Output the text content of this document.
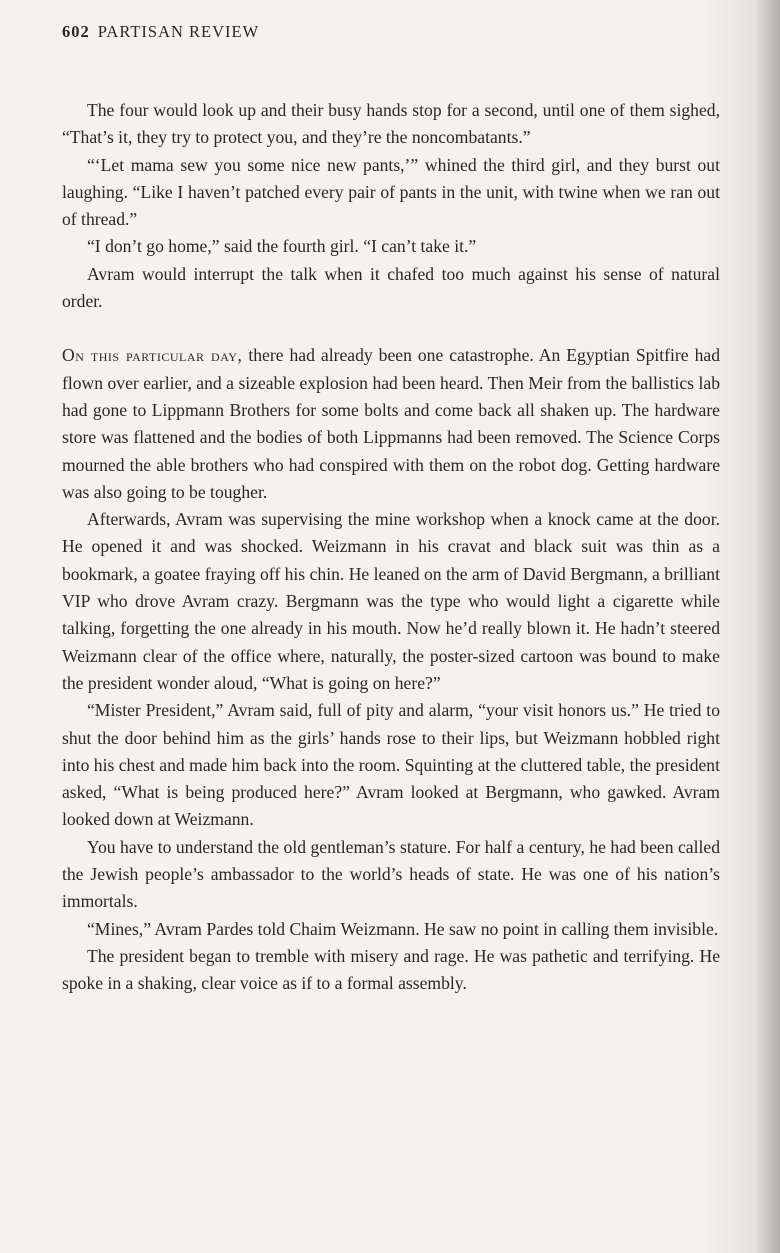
602 PARTISAN REVIEW

The four would look up and their busy hands stop for a second, until one of them sighed, “That’s it, they try to protect you, and they’re the noncombatants.”

“‘Let mama sew you some nice new pants,’” whined the third girl, and they burst out laughing. “Like I haven’t patched every pair of pants in the unit, with twine when we ran out of thread.”

“I don’t go home,” said the fourth girl. “I can’t take it.”

Avram would interrupt the talk when it chafed too much against his sense of natural order.

On this particular day, there had already been one catastrophe. An Egyptian Spitfire had flown over earlier, and a sizeable explosion had been heard. Then Meir from the ballistics lab had gone to Lippmann Brothers for some bolts and come back all shaken up. The hardware store was flattened and the bodies of both Lippmanns had been removed. The Science Corps mourned the able brothers who had conspired with them on the robot dog. Getting hardware was also going to be tougher.

Afterwards, Avram was supervising the mine workshop when a knock came at the door. He opened it and was shocked. Weizmann in his cravat and black suit was thin as a bookmark, a goatee fraying off his chin. He leaned on the arm of David Bergmann, a brilliant VIP who drove Avram crazy. Bergmann was the type who would light a cigarette while talking, forgetting the one already in his mouth. Now he’d really blown it. He hadn’t steered Weizmann clear of the office where, naturally, the poster-sized cartoon was bound to make the president wonder aloud, “What is going on here?”

“Mister President,” Avram said, full of pity and alarm, “your visit honors us.” He tried to shut the door behind him as the girls’ hands rose to their lips, but Weizmann hobbled right into his chest and made him back into the room. Squinting at the cluttered table, the president asked, “What is being produced here?” Avram looked at Bergmann, who gawked. Avram looked down at Weizmann.

You have to understand the old gentleman’s stature. For half a century, he had been called the Jewish people’s ambassador to the world’s heads of state. He was one of his nation’s immortals.

“Mines,” Avram Pardes told Chaim Weizmann. He saw no point in calling them invisible.

The president began to tremble with misery and rage. He was pathetic and terrifying. He spoke in a shaking, clear voice as if to a formal assembly.
